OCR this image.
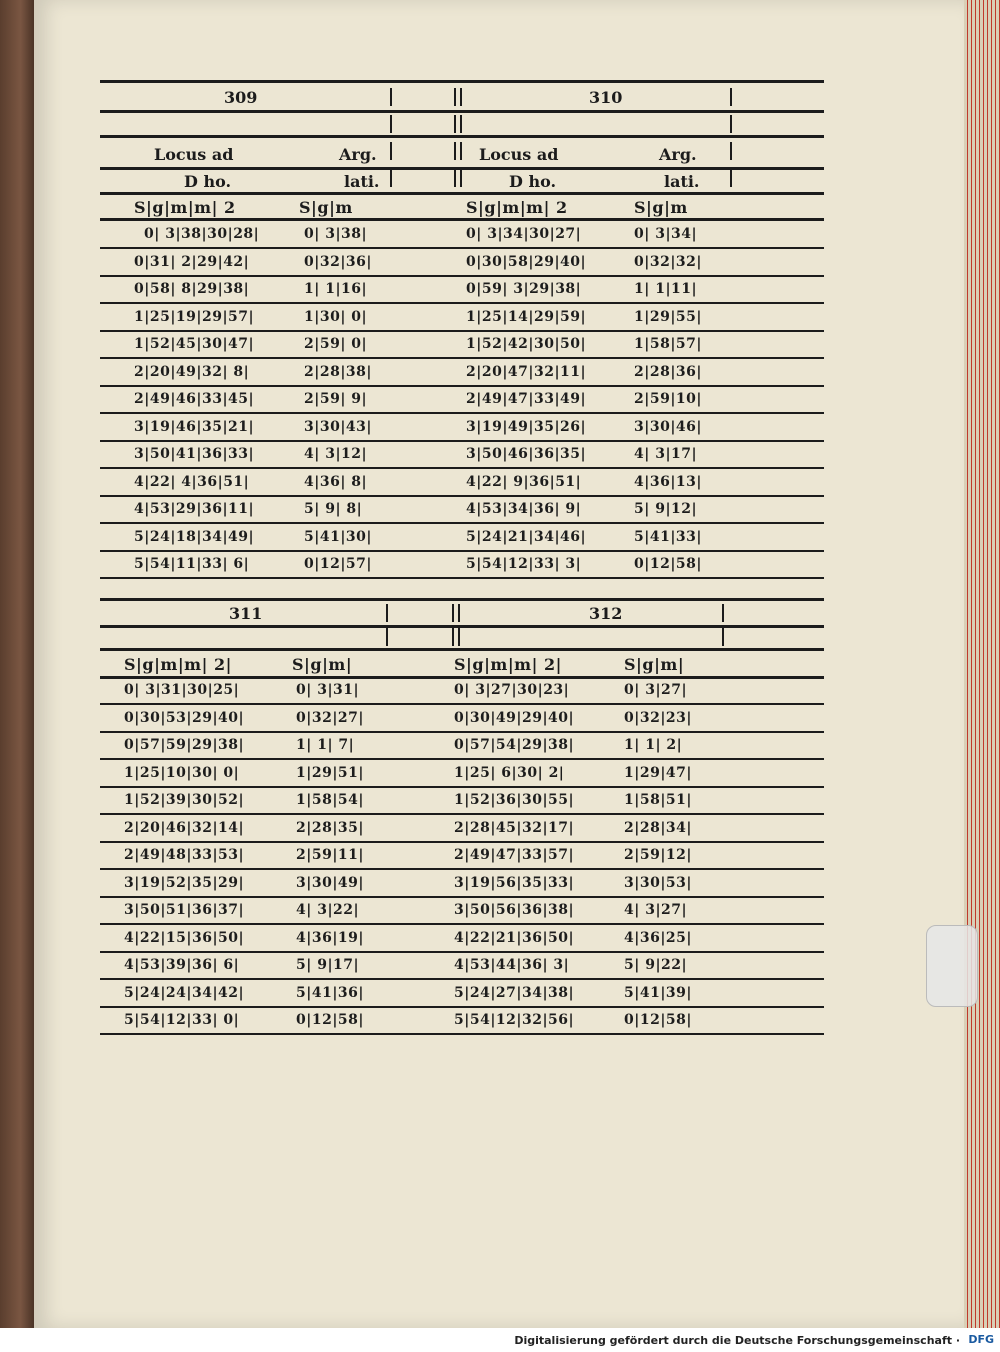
309	310
Locus ad	Arg.	Locus ad	Arg.
D ho.	lati.	D ho.	lati.
S|g|m|m| 2	S|g|m	S|g|m|m| 2	S|g|m
0| 3|38|30|28|	0| 3|38|	0| 3|34|30|27|	0| 3|34|
0|31| 2|29|42|	0|32|36|	0|30|58|29|40|	0|32|32|
0|58| 8|29|38|	1| 1|16|	0|59| 3|29|38|	1| 1|11|
1|25|19|29|57|	1|30| 0|	1|25|14|29|59|	1|29|55|
1|52|45|30|47|	2|59| 0|	1|52|42|30|50|	1|58|57|
2|20|49|32| 8|	2|28|38|	2|20|47|32|11|	2|28|36|
2|49|46|33|45|	2|59| 9|	2|49|47|33|49|	2|59|10|
3|19|46|35|21|	3|30|43|	3|19|49|35|26|	3|30|46|
3|50|41|36|33|	4| 3|12|	3|50|46|36|35|	4| 3|17|
4|22| 4|36|51|	4|36| 8|	4|22| 9|36|51|	4|36|13|
4|53|29|36|11|	5| 9| 8|	4|53|34|36| 9|	5| 9|12|
5|24|18|34|49|	5|41|30|	5|24|21|34|46|	5|41|33|
5|54|11|33| 6|	0|12|57|	5|54|12|33| 3|	0|12|58|
311	312
S|g|m|m| 2|	S|g|m|	S|g|m|m| 2|	S|g|m|
0| 3|31|30|25|	0| 3|31|	0| 3|27|30|23|	0| 3|27|
0|30|53|29|40|	0|32|27|	0|30|49|29|40|	0|32|23|
0|57|59|29|38|	1| 1| 7|	0|57|54|29|38|	1| 1| 2|
1|25|10|30| 0|	1|29|51|	1|25| 6|30| 2|	1|29|47|
1|52|39|30|52|	1|58|54|	1|52|36|30|55|	1|58|51|
2|20|46|32|14|	2|28|35|	2|28|45|32|17|	2|28|34|
2|49|48|33|53|	2|59|11|	2|49|47|33|57|	2|59|12|
3|19|52|35|29|	3|30|49|	3|19|56|35|33|	3|30|53|
3|50|51|36|37|	4| 3|22|	3|50|56|36|38|	4| 3|27|
4|22|15|36|50|	4|36|19|	4|22|21|36|50|	4|36|25|
4|53|39|36| 6|	5| 9|17|	4|53|44|36| 3|	5| 9|22|
5|24|24|34|42|	5|41|36|	5|24|27|34|38|	5|41|39|
5|54|12|33| 0|	0|12|58|	5|54|12|32|56|	0|12|58|
Digitalisierung gefördert durch die Deutsche Forschungsgemeinschaft · DFG
